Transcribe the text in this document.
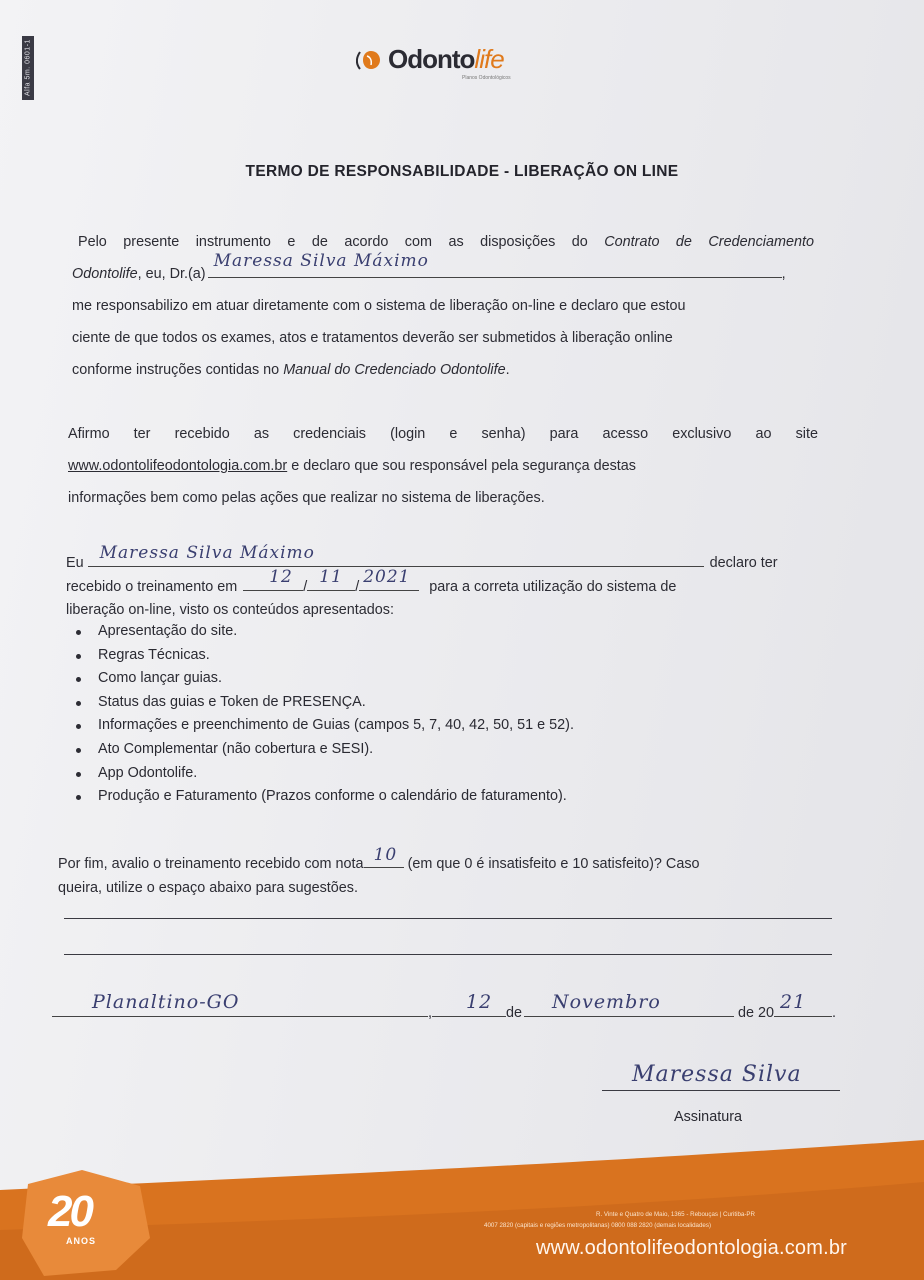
Alfa 5m. 0601-1	Odontolife
Planos Odontológicos
TERMO DE RESPONSABILIDADE - LIBERAÇÃO ON LINE
Pelo presente instrumento e de acordo com as disposições do Contrato de Credenciamento
Odontolife, eu, Dr.(a)
Maressa Silva Máximo
,
me responsabilizo em atuar diretamente com o sistema de liberação on-line e declaro que estou
ciente de que todos os exames, atos e tratamentos deverão ser submetidos à liberação online
conforme instruções contidas no Manual do Credenciado Odontolife.
Afirmo ter recebido as credenciais (login e senha) para acesso exclusivo ao site
www.odontolifeodontologia.com.br e declaro que sou responsável pela segurança destas
informações bem como pelas ações que realizar no sistema de liberações.
Eu Maressa Silva Máximo	declaro ter
recebido o treinamento em 12 / 11 / 2021 para a correta utilização do sistema de
liberação on-line, visto os conteúdos apresentados:
Apresentação do site.
Regras Técnicas.
Como lançar guias.
Status das guias e Token de PRESENÇA.
Informações e preenchimento de Guias (campos 5, 7, 40, 42, 50, 51 e 52).
Ato Complementar (não cobertura e SESI).
App Odontolife.
Produção e Faturamento (Prazos conforme o calendário de faturamento).
Por fim, avalio o treinamento recebido com nota 10 (em que 0 é insatisfeito e 10 satisfeito)? Caso
queira, utilize o espaço abaixo para sugestões.
Planaltino-GO	, 12 de Novembro	de 20 21 .
Maressa Silva
Assinatura
20
ANOS
R. Vinte e Quatro de Maio, 1365 - Rebouças | Curitiba-PR
4007 2820 (capitais e regiões metropolitanas) 0800 088 2820 (demais localidades)
www.odontolifeodontologia.com.br
